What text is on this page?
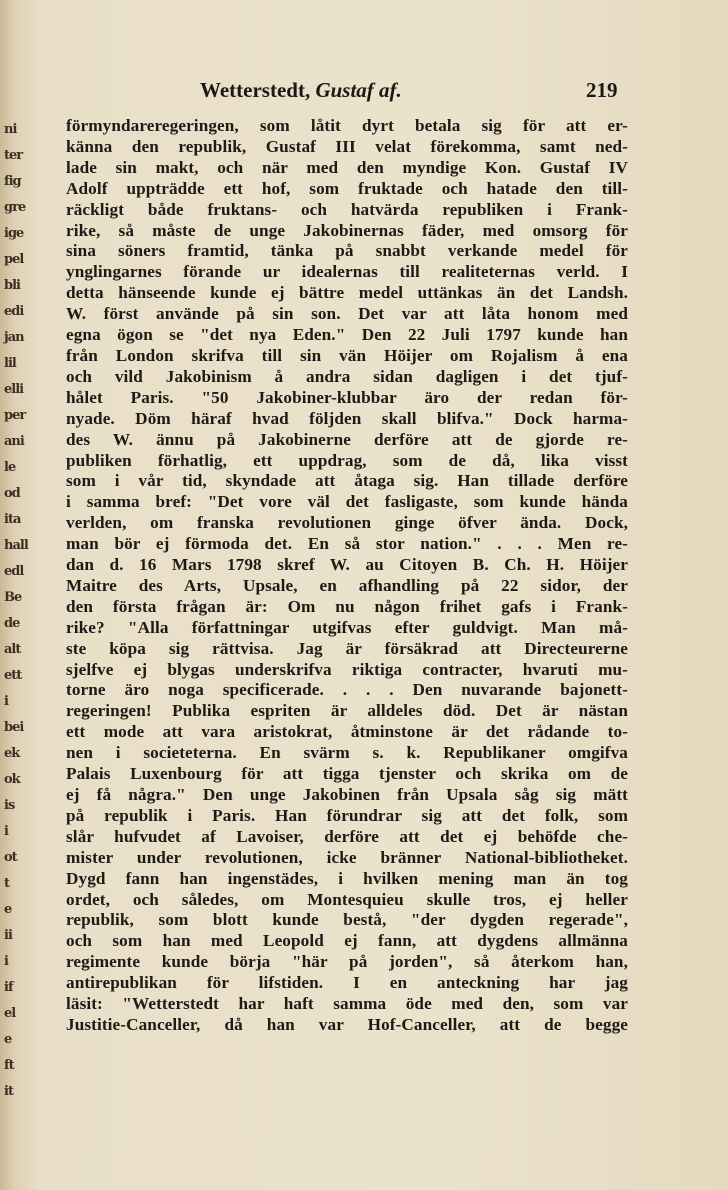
ni
ter
fig
gre
ige
pel
bli
edi
jan
lil
elli
per
ani
le
od
ita
hall
edl
Be
de
alt
ett
i
bei
ek
ok
is
i
ot
t
e
ii
i
if
el
e
ft
it
Wetterstedt, Gustaf af.	219
förmyndareregeringen, som låtit dyrt betala sig för att er-
känna den republik, Gustaf III velat förekomma, samt ned-
lade sin makt, och när med den myndige Kon. Gustaf IV
Adolf uppträdde ett hof, som fruktade och hatade den till-
räckligt både fruktans- och hatvärda republiken i Frank-
rike, så måste de unge Jakobinernas fäder, med omsorg för
sina söners framtid, tänka på snabbt verkande medel för
ynglingarnes förande ur idealernas till realiteternas verld. I
detta hänseende kunde ej bättre medel uttänkas än det Landsh.
W. först använde på sin son. Det var att låta honom med
egna ögon se "det nya Eden." Den 22 Juli 1797 kunde han
från London skrifva till sin vän Höijer om Rojalism å ena
och vild Jakobinism å andra sidan dagligen i det tjuf-
hålet Paris. "50 Jakobiner-klubbar äro der redan för-
nyade. Döm häraf hvad följden skall blifva." Dock harma-
des W. ännu på Jakobinerne derföre att de gjorde re-
publiken förhatlig, ett uppdrag, som de då, lika visst
som i vår tid, skyndade att åtaga sig. Han tillade derföre
i samma bref: "Det vore väl det fasligaste, som kunde hända
verlden, om franska revolutionen ginge öfver ända. Dock,
man bör ej förmoda det. En så stor nation." . . . Men re-
dan d. 16 Mars 1798 skref W. au Citoyen B. Ch. H. Höijer
Maitre des Arts, Upsale, en afhandling på 22 sidor, der
den första frågan är: Om nu någon frihet gafs i Frank-
rike? "Alla författningar utgifvas efter guldvigt. Man må-
ste köpa sig rättvisa. Jag är försäkrad att Directeurerne
sjelfve ej blygas underskrifva riktiga contracter, hvaruti mu-
torne äro noga specificerade. . . . Den nuvarande bajonett-
regeringen! Publika espriten är alldeles död. Det är nästan
ett mode att vara aristokrat, åtminstone är det rådande to-
nen i societeterna. En svärm s. k. Republikaner omgifva
Palais Luxenbourg för att tigga tjenster och skrika om de
ej få några." Den unge Jakobinen från Upsala såg sig mätt
på republik i Paris. Han förundrar sig att det folk, som
slår hufvudet af Lavoiser, derföre att det ej behöfde che-
mister under revolutionen, icke bränner National-bibliotheket.
Dygd fann han ingenstädes, i hvilken mening man än tog
ordet, och således, om Montesquieu skulle tros, ej heller
republik, som blott kunde bestå, "der dygden regerade",
och som han med Leopold ej fann, att dygdens allmänna
regimente kunde börja "här på jorden", så återkom han,
antirepublikan för lifstiden. I en anteckning har jag
läsit: "Wetterstedt har haft samma öde med den, som var
Justitie-Canceller, då han var Hof-Canceller, att de begge
